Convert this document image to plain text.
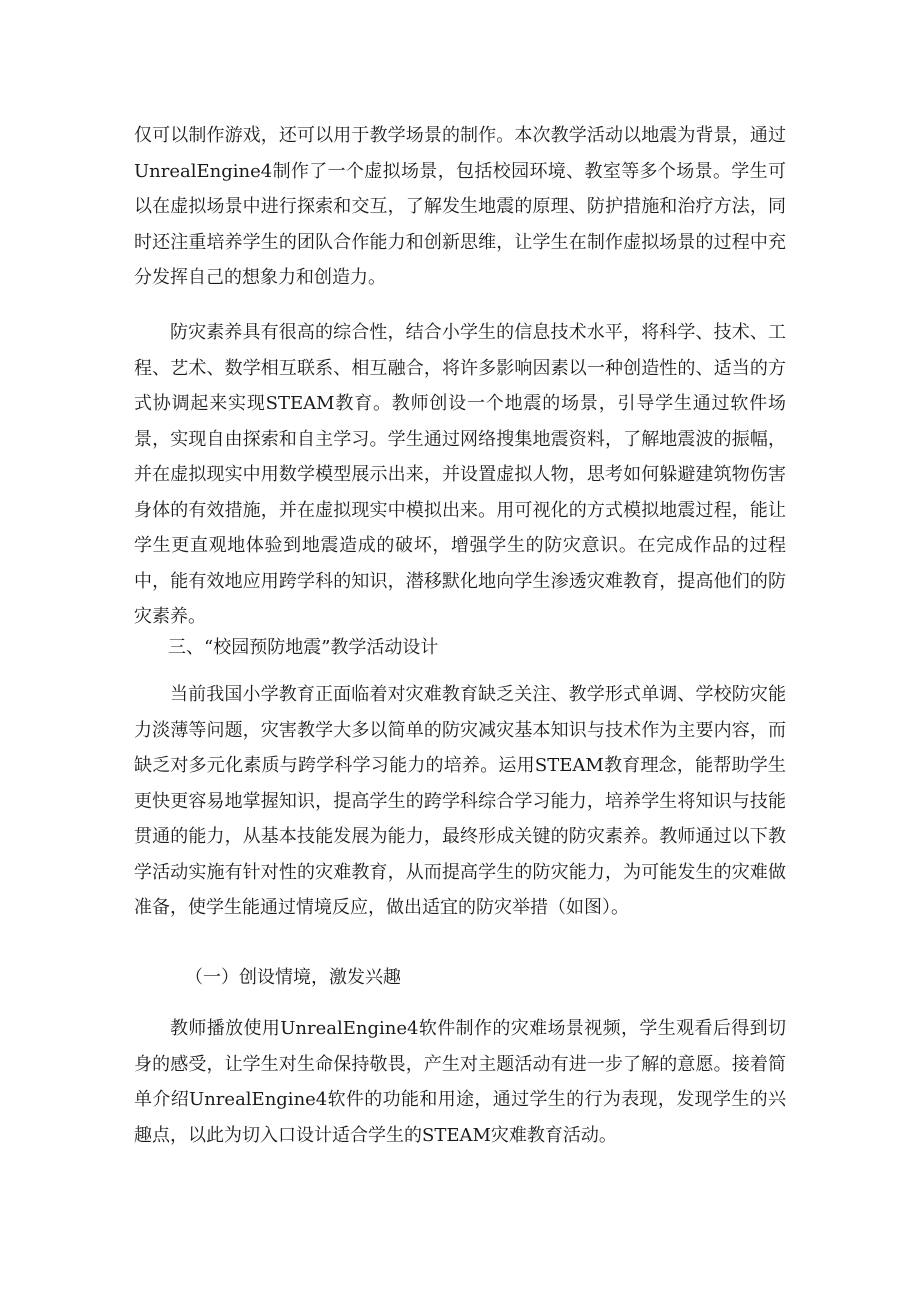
仅可以制作游戏，还可以用于教学场景的制作。本次教学活动以地震为背景，通过UnrealEngine4制作了一个虚拟场景，包括校园环境、教室等多个场景。学生可以在虚拟场景中进行探索和交互，了解发生地震的原理、防护措施和治疗方法，同时还注重培养学生的团队合作能力和创新思维，让学生在制作虚拟场景的过程中充分发挥自己的想象力和创造力。

防灾素养具有很高的综合性，结合小学生的信息技术水平，将科学、技术、工程、艺术、数学相互联系、相互融合，将许多影响因素以一种创造性的、适当的方式协调起来实现STEAM教育。教师创设一个地震的场景，引导学生通过软件场景，实现自由探索和自主学习。学生通过网络搜集地震资料，了解地震波的振幅，并在虚拟现实中用数学模型展示出来，并设置虚拟人物，思考如何躲避建筑物伤害身体的有效措施，并在虚拟现实中模拟出来。用可视化的方式模拟地震过程，能让学生更直观地体验到地震造成的破坏，增强学生的防灾意识。在完成作品的过程中，能有效地应用跨学科的知识，潜移默化地向学生渗透灾难教育，提高他们的防灾素养。

三、“校园预防地震”教学活动设计

当前我国小学教育正面临着对灾难教育缺乏关注、教学形式单调、学校防灾能力淡薄等问题，灾害教学大多以简单的防灾减灾基本知识与技术作为主要内容，而缺乏对多元化素质与跨学科学习能力的培养。运用STEAM教育理念，能帮助学生更快更容易地掌握知识，提高学生的跨学科综合学习能力，培养学生将知识与技能贯通的能力，从基本技能发展为能力，最终形成关键的防灾素养。教师通过以下教学活动实施有针对性的灾难教育，从而提高学生的防灾能力，为可能发生的灾难做准备，使学生能通过情境反应，做出适宜的防灾举措（如图）。

（一）创设情境，激发兴趣

教师播放使用UnrealEngine4软件制作的灾难场景视频，学生观看后得到切身的感受，让学生对生命保持敬畏，产生对主题活动有进一步了解的意愿。接着简单介绍UnrealEngine4软件的功能和用途，通过学生的行为表现，发现学生的兴趣点，以此为切入口设计适合学生的STEAM灾难教育活动。
